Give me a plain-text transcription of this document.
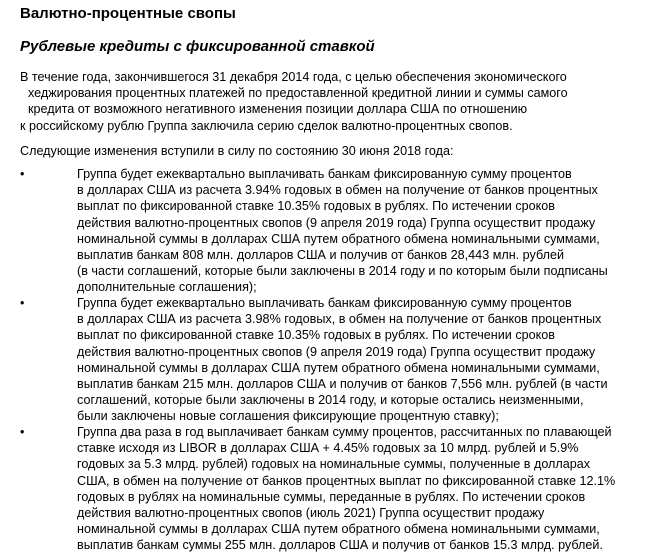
Валютно-процентные свопы
Рублевые кредиты с фиксированной ставкой
В течение года, закончившегося 31 декабря 2014 года, с целью обеспечения экономического
хеджирования процентных платежей по предоставленной кредитной линии и суммы самого
кредита от возможного негативного изменения позиции доллара США по отношению
к российскому рублю Группа заключила серию сделок валютно-процентных свопов.
Следующие изменения вступили в силу по состоянию 30 июня 2018 года:
•	Группа будет ежеквартально выплачивать банкам фиксированную сумму процентов
в долларах США из расчета 3.94% годовых в обмен на получение от банков процентных
выплат по фиксированной ставке 10.35% годовых в рублях. По истечении сроков
действия валютно-процентных свопов (9 апреля 2019 года) Группа осуществит продажу
номинальной суммы в долларах США путем обратного обмена номинальными суммами,
выплатив банкам 808 млн. долларов США и получив от банков 28,443 млн. рублей
(в части соглашений, которые были заключены в 2014 году и по которым были подписаны
дополнительные соглашения);
•	Группа будет ежеквартально выплачивать банкам фиксированную сумму процентов
в долларах США из расчета 3.98% годовых, в обмен на получение от банков процентных
выплат по фиксированной ставке 10.35% годовых в рублях. По истечении сроков
действия валютно-процентных свопов (9 апреля 2019 года) Группа осуществит продажу
номинальной суммы в долларах США путем обратного обмена номинальными суммами,
выплатив банкам 215 млн. долларов США и получив от банков 7,556 млн. рублей (в части
соглашений, которые были заключены в 2014 году, и которые остались неизменными,
были заключены новые соглашения фиксирующие процентную ставку);
•	Группа два раза в год выплачивает банкам сумму процентов, рассчитанных по плавающей
ставке исходя из LIBOR в долларах США + 4.45% годовых за 10 млрд. рублей и 5.9%
годовых за 5.3 млрд. рублей) годовых на номинальные суммы, полученные в долларах
США, в обмен на получение от банков процентных выплат по фиксированной ставке 12.1%
годовых в рублях на номинальные суммы, переданные в рублях. По истечении сроков
действия валютно-процентных свопов (июль 2021) Группа осуществит продажу
номинальной суммы в долларах США путем обратного обмена номинальными суммами,
выплатив банкам суммы 255 млн. долларов США и получив от банков 15.3 млрд. рублей.
